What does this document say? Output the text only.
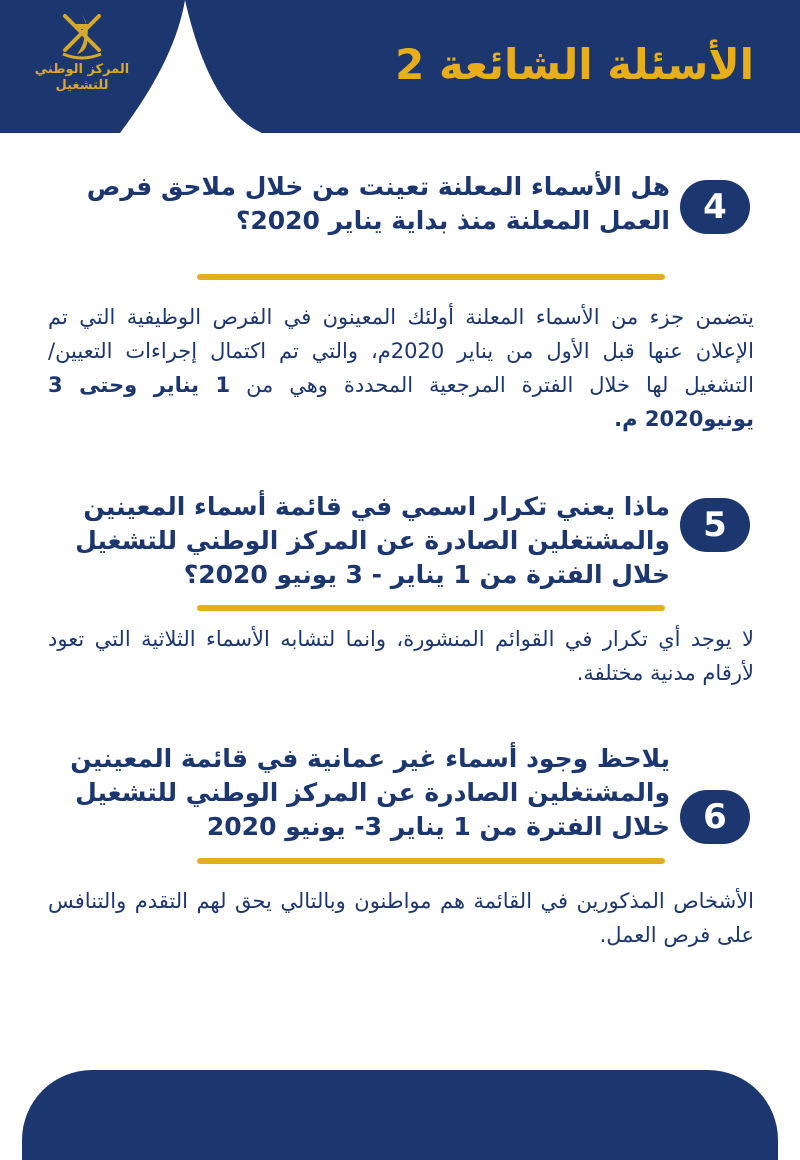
المركز الوطني
للتشغيل	الأسئلة الشائعة 2
4
هل الأسماء المعلنة تعينت من خلال ملاحق فرص العمل المعلنة منذ بداية يناير 2020؟
يتضمن جزء من الأسماء المعلنة أولئك المعينون في الفرص الوظيفية التي تم الإعلان عنها قبل الأول من يناير 2020م، والتي تم اكتمال إجراءات التعيين/التشغيل لها خلال الفترة المرجعية المحددة وهي من 1 يناير وحتى 3 يونيو2020 م.
5
ماذا يعني تكرار اسمي في قائمة أسماء المعينين والمشتغلين الصادرة عن المركز الوطني للتشغيل خلال الفترة من 1 يناير - 3 يونيو 2020؟
لا يوجد أي تكرار في القوائم المنشورة، وانما لتشابه الأسماء الثلاثية التي تعود لأرقام مدنية مختلفة.
6
يلاحظ وجود أسماء غير عمانية في قائمة المعينين والمشتغلين الصادرة عن المركز الوطني للتشغيل خلال الفترة من 1 يناير 3- يونيو 2020
الأشخاص المذكورين في القائمة هم مواطنون وبالتالي يحق لهم التقدم والتنافس على فرص العمل.
